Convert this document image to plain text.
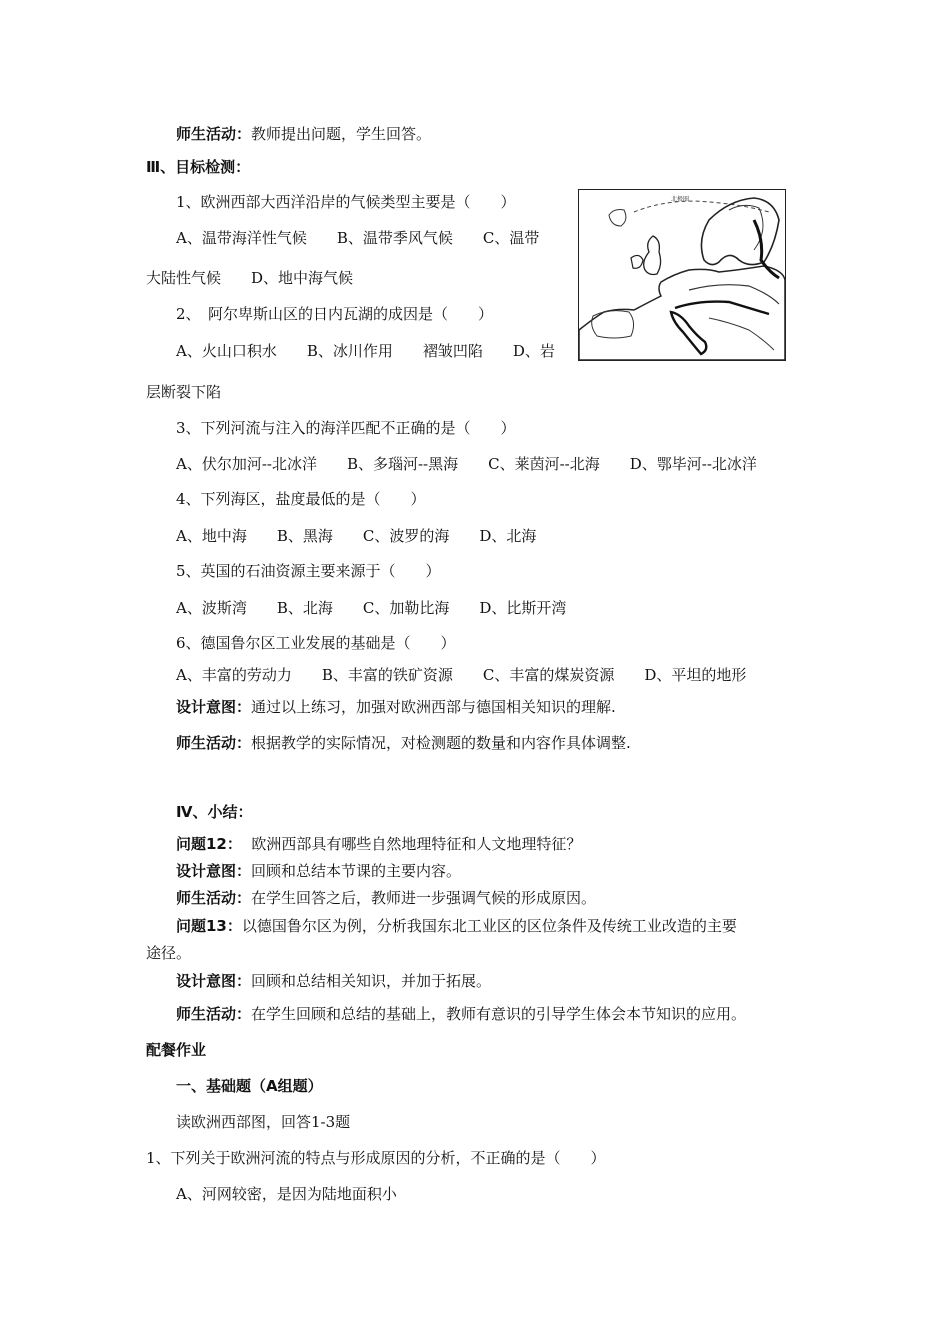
师生活动：教师提出问题，学生回答。
Ⅲ、目标检测：
1、欧洲西部大西洋沿岸的气候类型主要是（　　）
A、温带海洋性气候　　B、温带季风气候　　C、温带
大陆性气候　　D、地中海气候
2、　阿尔卑斯山区的日内瓦湖的成因是（　　）
A、火山口积水　　B、冰川作用　　褶皱凹陷　　D、岩
层断裂下陷
北极圈
3、下列河流与注入的海洋匹配不正确的是（　　）
A、伏尔加河--北冰洋　　B、多瑙河--黑海　　C、莱茵河--北海　　D、鄂毕河--北冰洋
4、下列海区，盐度最低的是（　　）
A、地中海　　B、黑海　　C、波罗的海　　D、北海
5、英国的石油资源主要来源于（　　）
A、波斯湾　　B、北海　　C、加勒比海　　D、比斯开湾
6、德国鲁尔区工业发展的基础是（　　）
A、丰富的劳动力　　B、丰富的铁矿资源　　C、丰富的煤炭资源　　D、平坦的地形
设计意图：通过以上练习，加强对欧洲西部与德国相关知识的理解.
师生活动：根据教学的实际情况，对检测题的数量和内容作具体调整.
Ⅳ、小结：
问题12： 欧洲西部具有哪些自然地理特征和人文地理特征？
设计意图：回顾和总结本节课的主要内容。
师生活动：在学生回答之后，教师进一步强调气候的形成原因。
问题13：以德国鲁尔区为例，分析我国东北工业区的区位条件及传统工业改造的主要
途径。
设计意图：回顾和总结相关知识，并加于拓展。
师生活动：在学生回顾和总结的基础上，教师有意识的引导学生体会本节知识的应用。
配餐作业
一、基础题（A组题）
读欧洲西部图，回答1-3题
1、下列关于欧洲河流的特点与形成原因的分析，不正确的是（　　）
A、河网较密，是因为陆地面积小
